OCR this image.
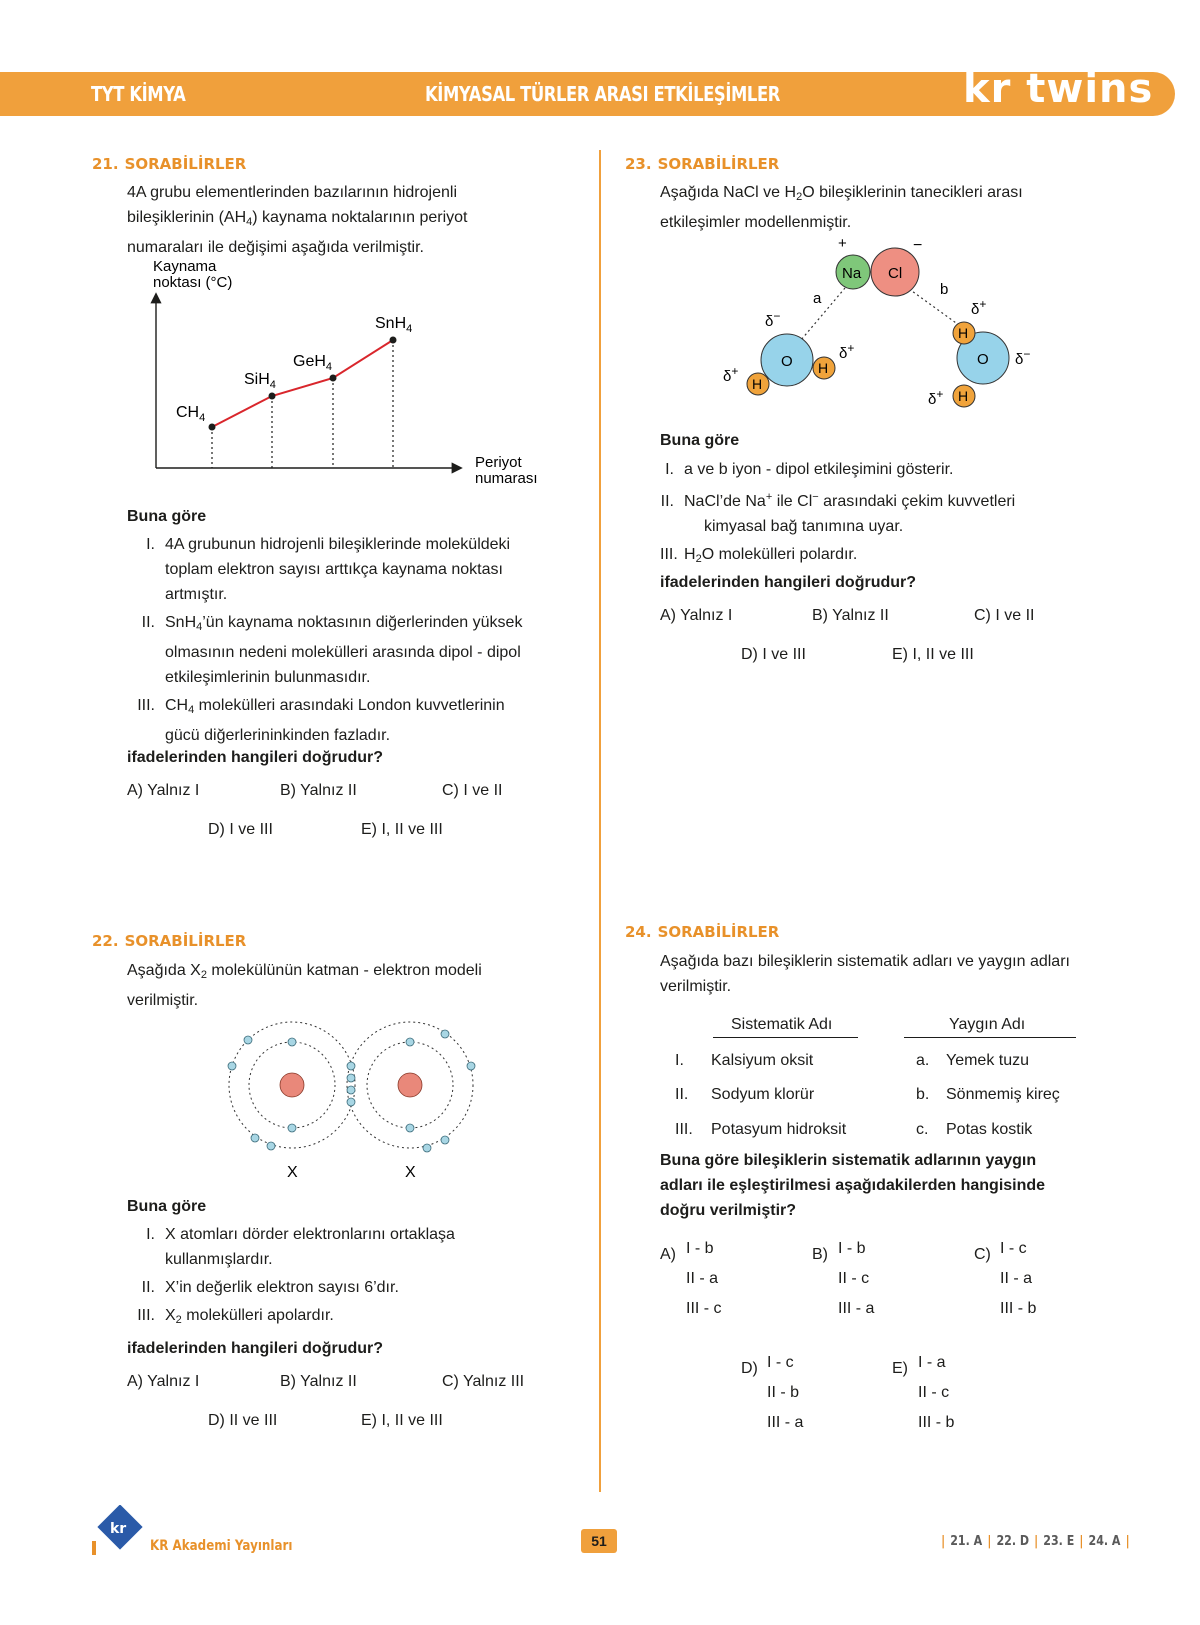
TYT KİMYA	KİMYASAL TÜRLER ARASI ETKİLEŞİMLER	kr twins
21. SORABİLİRLER
4A grubu elementlerinden bazılarının hidrojenli
bileşiklerinin $(AH_4)$ kaynama noktalarının periyot
numaraları ile değişimi aşağıda verilmiştir.
Kaynama
noktası (°C)
Periyot
numarası
$CH_4$
SiH$_4$
GeH$_4$
SnH$_4$
Buna göre
I. 4A grubunun hidrojenli bileşiklerinde moleküldeki
toplam elektron sayısı arttıkça kaynama noktası
artmıştır.
II. SnH$_4$’ün kaynama noktasının diğerlerinden yüksek
olmasının nedeni molekülleri arasında dipol - dipol
etkileşimlerinin bulunmasıdır.
III. $CH_4$ molekülleri arasındaki London kuvvetlerinin
gücü diğerlerininkinden fazladır.
ifadelerinden hangileri doğrudur?
A) Yalnız I	B) Yalnız II	C) I ve II
D) I ve III	E) I, II ve III
22. SORABİLİRLER
Aşağıda $X_2$ molekülünün katman - elektron modeli
verilmiştir.
X	X
Buna göre
I. X atomları dörder elektronlarını ortaklaşa
kullanmışlardır.
II. X’in değerlik elektron sayısı 6’dır.
III. $X_2$ molekülleri apolardır.
ifadelerinden hangileri doğrudur?
A) Yalnız I	B) Yalnız II	C) Yalnız III
D) II ve III	E) I, II ve III
23. SORABİLİRLER
Aşağıda NaCl ve $H_2O$ bileşiklerinin tanecikleri arası
etkileşimler modellenmiştir.
Na Cl
+	−
a
b
O
H
H
δ−
δ+
δ+
O
H
H
δ+
δ+
δ−
Buna göre
I. a ve b iyon - dipol etkileşimini gösterir.
II. NaCl’de Na+ ile Cl− arasındaki çekim kuvvetleri
kimyasal bağ tanımına uyar.
III. $H_2O$ molekülleri polardır.
ifadelerinden hangileri doğrudur?
A) Yalnız I	B) Yalnız II	C) I ve II
D) I ve III	E) I, II ve III
24. SORABİLİRLER
Aşağıda bazı bileşiklerin sistematik adları ve yaygın adları
verilmiştir.
Sistematik Adı	Yaygın Adı
I. Kalsiyum oksit	a. Yemek tuzu
II. Sodyum klorür	b. Sönmemiş kireç
III. Potasyum hidroksit	c. Potas kostik
Buna göre bileşiklerin sistematik adlarının yaygın
adları ile eşleştirilmesi aşağıdakilerden hangisinde
doğru verilmiştir?
A) I - b
II - a
III - c
B) I - b
II - c
III - a
C) I - c
II - a
III - b
D) I - c
II - b
III - a
E) I - a
II - c
III - b
kr
KR Akademi Yayınları	51	| 21. A | 22. D | 23. E | 24. A |
